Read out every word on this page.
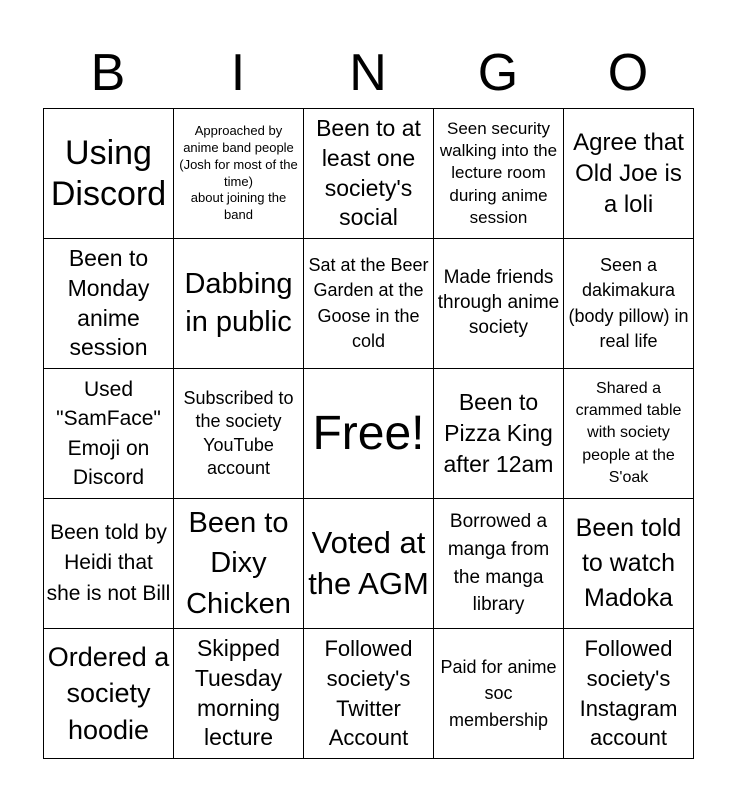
B	I	N	G	O
Using Discord	Approached by anime band people
(Josh for most of the time)
about joining the band	Been to at least one society's social	Seen security walking into the lecture room during anime session	Agree that Old Joe is a loli
Been to Monday anime session	Dabbing in public	Sat at the Beer Garden at the Goose in the cold	Made friends through anime society	Seen a dakimakura (body pillow) in real life
Used "SamFace" Emoji on Discord	Subscribed to the society YouTube account	Free!	Been to Pizza King after 12am	Shared a crammed table with society people at the S'oak
Been told by Heidi that she is not Bill	Been to Dixy Chicken	Voted at the AGM	Borrowed a manga from the manga library	Been told to watch Madoka
Ordered a society hoodie	Skipped Tuesday morning lecture	Followed society's Twitter Account	Paid for anime soc membership	Followed society's Instagram account
